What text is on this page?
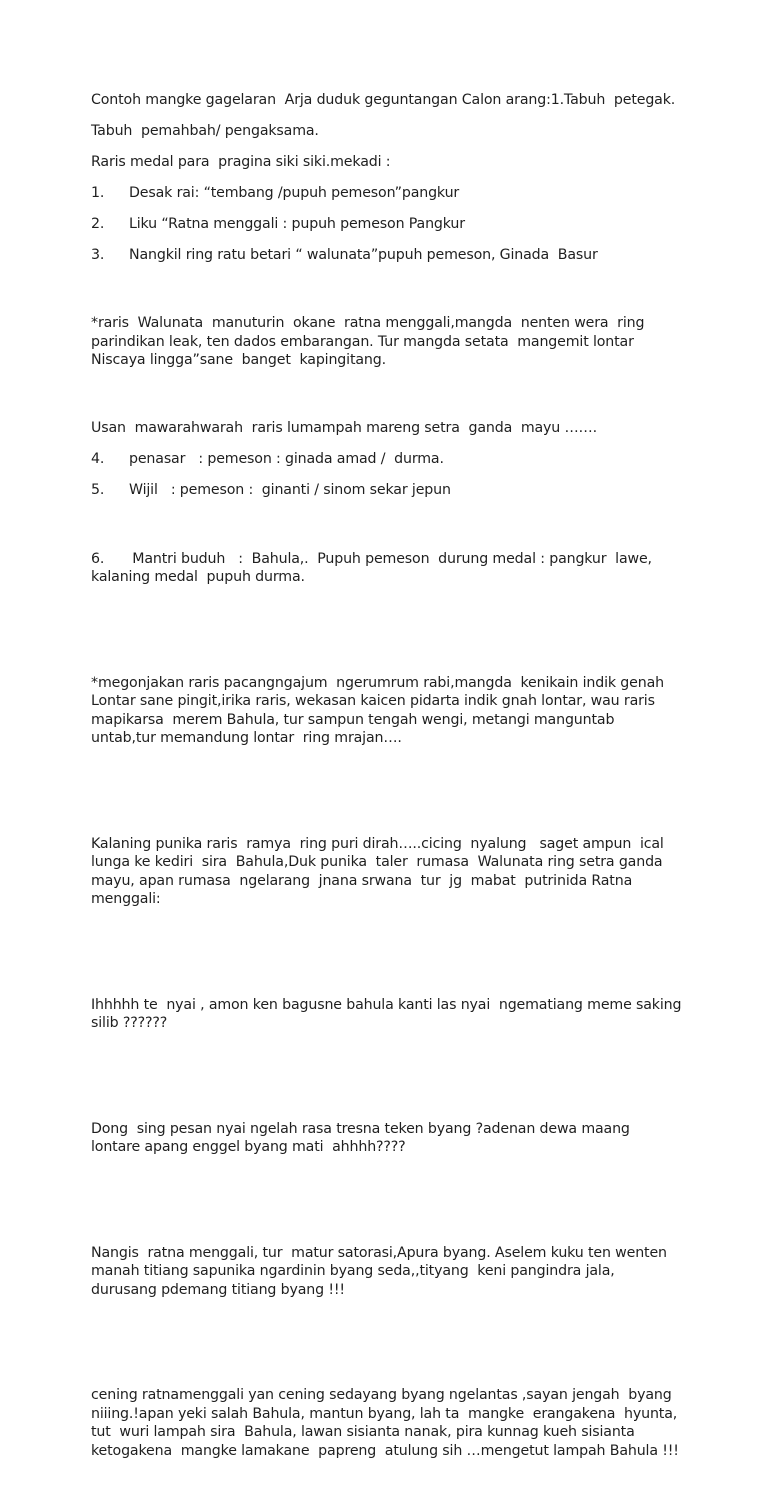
Contoh mangke gagelaran  Arja duduk geguntangan Calon arang:1.Tabuh  petegak.

Tabuh  pemahbah/ pengaksama.

Raris medal para  pragina siki siki.mekadi :

1.	Desak rai: “tembang /pupuh pemeson”pangkur
2.	Liku “Ratna menggali : pupuh pemeson Pangkur
3.	Nangkil ring ratu betari “ walunata”pupuh pemeson, Ginada  Basur

*raris  Walunata  manuturin  okane  ratna menggali,mangda  nenten wera  ring
parindikan leak, ten dados embarangan. Tur mangda setata  mangemit lontar
Niscaya lingga”sane  banget  kapingitang.

Usan  mawarahwarah  raris lumampah mareng setra  ganda  mayu …….

4.	penasar   : pemeson : ginada amad /  durma.
5.	Wijil   : pemeson :  ginanti / sinom sekar jepun

6. Mantri buduh   :  Bahula,.  Pupuh pemeson  durung medal : pangkur  lawe,
kalaning medal  pupuh durma.

*megonjakan raris pacangngajum  ngerumrum rabi,mangda  kenikain indik genah
Lontar sane pingit,irika raris, wekasan kaicen pidarta indik gnah lontar, wau raris
mapikarsa  merem Bahula, tur sampun tengah wengi, metangi manguntab
untab,tur memandung lontar  ring mrajan….

Kalaning punika raris  ramya  ring puri dirah…..cicing  nyalung   saget ampun  ical
lunga ke kediri  sira  Bahula,Duk punika  taler  rumasa  Walunata ring setra ganda
mayu, apan rumasa  ngelarang  jnana srwana  tur  jg  mabat  putrinida Ratna
menggali:

Ihhhhh te  nyai , amon ken bagusne bahula kanti las nyai  ngematiang meme saking
silib ??????

Dong  sing pesan nyai ngelah rasa tresna teken byang ?adenan dewa maang
lontare apang enggel byang mati  ahhhh????

Nangis  ratna menggali, tur  matur satorasi,Apura byang. Aselem kuku ten wenten
manah titiang sapunika ngardinin byang seda,,tityang  keni pangindra jala,
durusang pdemang titiang byang !!!

cening ratnamenggali yan cening sedayang byang ngelantas ,sayan jengah  byang
niiing.!apan yeki salah Bahula, mantun byang, lah ta  mangke  erangakena  hyunta,
tut  wuri lampah sira  Bahula, lawan sisianta nanak, pira kunnag kueh sisianta
ketogakena  mangke lamakane  papreng  atulung sih …mengetut lampah Bahula !!!
